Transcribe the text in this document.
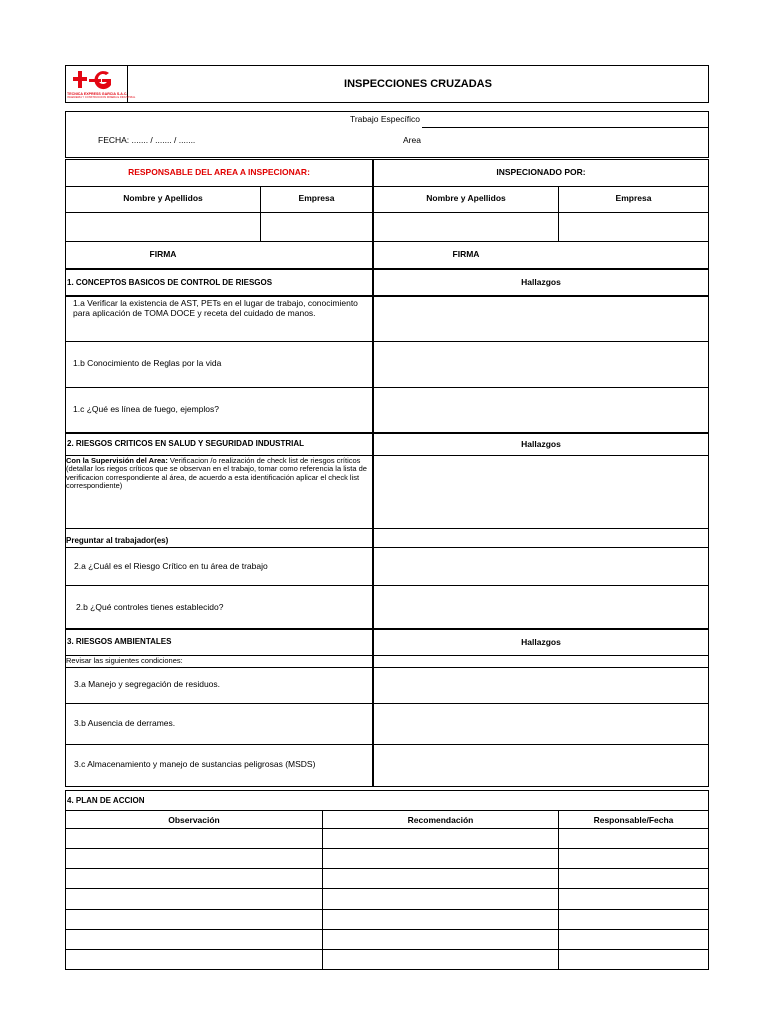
TECNICA EXPRESS GARCIA S.A.C.
INGENIERIA Y CONSTRUCCION MINERA E INDUSTRIAL
INSPECCIONES CRUZADAS
Trabajo Específico
FECHA: ....... / ....... / .......	Area
RESPONSABLE DEL AREA A INSPECIONAR:	INSPECIONADO POR:
Nombre y Apellidos	Empresa	Nombre y Apellidos	Empresa
FIRMA	FIRMA
1. CONCEPTOS BASICOS DE CONTROL DE RIESGOS	Hallazgos
1.a Verificar la existencia de AST, PETs en el lugar de trabajo, conocimiento para aplicación de TOMA DOCE y receta del cuidado de manos.
1.b Conocimiento de Reglas por la vida
1.c ¿Qué es línea de fuego, ejemplos?
2. RIESGOS CRITICOS EN SALUD Y SEGURIDAD INDUSTRIAL	Hallazgos
Con la Supervisión del Area: Verificacion /o realización de check list de riesgos críticos (detallar los riegos críticos que se observan en el trabajo, tomar como referencia la lista de verificacion correspondiente al área, de acuerdo a esta identificación aplicar el check list correspondiente)
Preguntar al trabajador(es)
2.a ¿Cuál es el Riesgo Crítico en tu área de trabajo
2.b ¿Qué controles tienes establecido?
3. RIESGOS AMBIENTALES	Hallazgos
Revisar las siguientes condiciones:
3.a Manejo y segregación de residuos.
3.b Ausencia de derrames.
3.c Almacenamiento y manejo de sustancias peligrosas (MSDS)
4. PLAN DE ACCION
Observación	Recomendación	Responsable/Fecha
